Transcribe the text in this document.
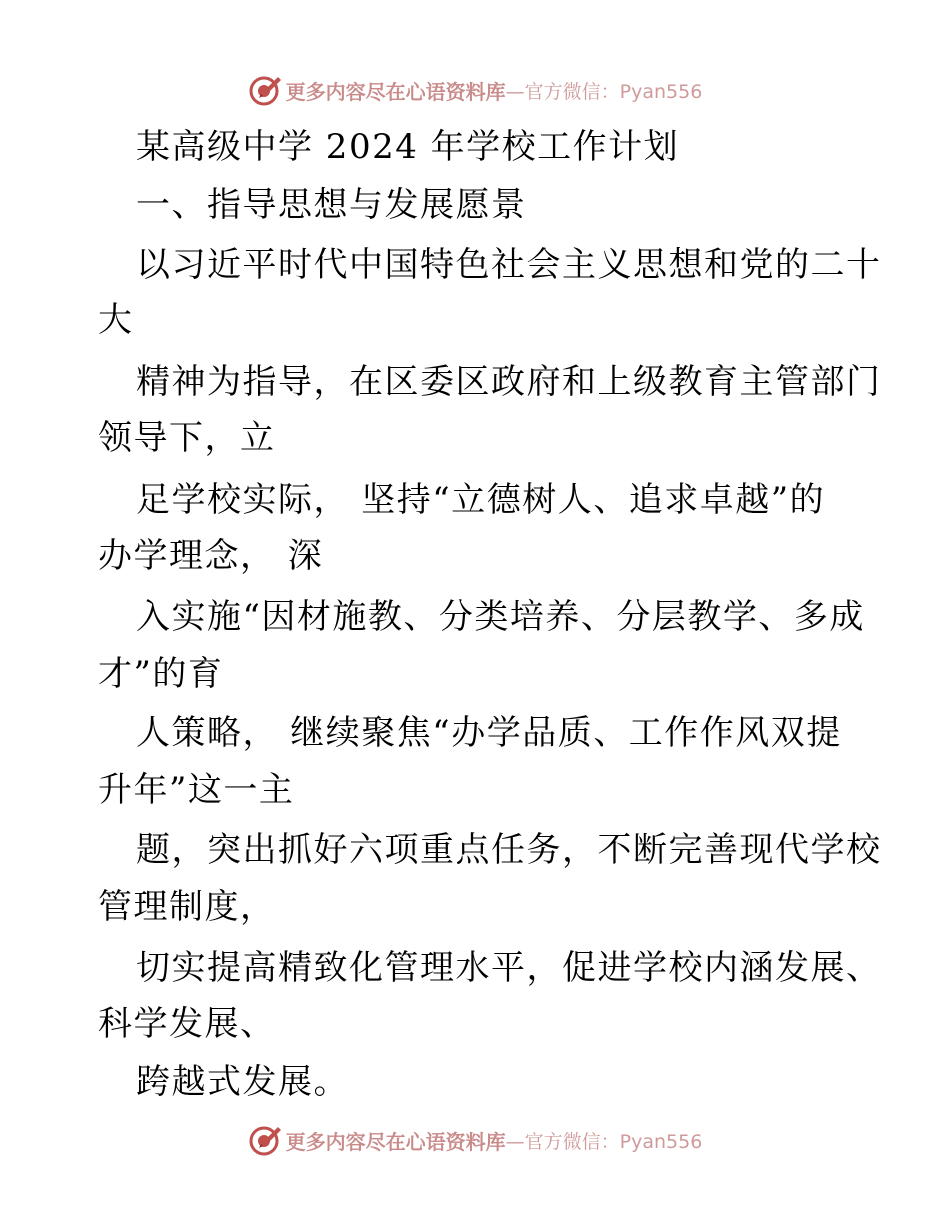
更多内容尽在心语资料库 —官方微信：Pyan556
某高级中学 2024 年学校工作计划
一、指导思想与发展愿景
以习近平时代中国特色社会主义思想和党的二十
大
精神为指导，在区委区政府和上级教育主管部门
领导下，立
足学校实际， 坚持“立德树人、追求卓越”的
办学理念， 深
入实施“因材施教、分类培养、分层教学、多成
才”的育
人策略， 继续聚焦“办学品质、工作作风双提
升年”这一主
题，突出抓好六项重点任务，不断完善现代学校
管理制度，
切实提高精致化管理水平，促进学校内涵发展、
科学发展、
跨越式发展。
更多内容尽在心语资料库 —官方微信：Pyan556
